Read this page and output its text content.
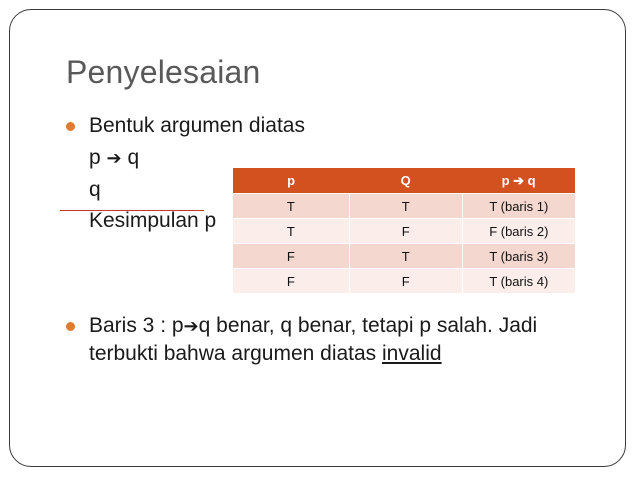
Penyelesaian
Bentuk argumen diatas
p ➔ q
q
Kesimpulan p
p	Q	p ➔ q
T	T	T (baris 1)
T	F	F (baris 2)
F	T	T (baris 3)
F	F	T (baris 4)
Baris 3 : p➔q benar, q benar, tetapi p salah. Jadi terbukti bahwa argumen diatas invalid
